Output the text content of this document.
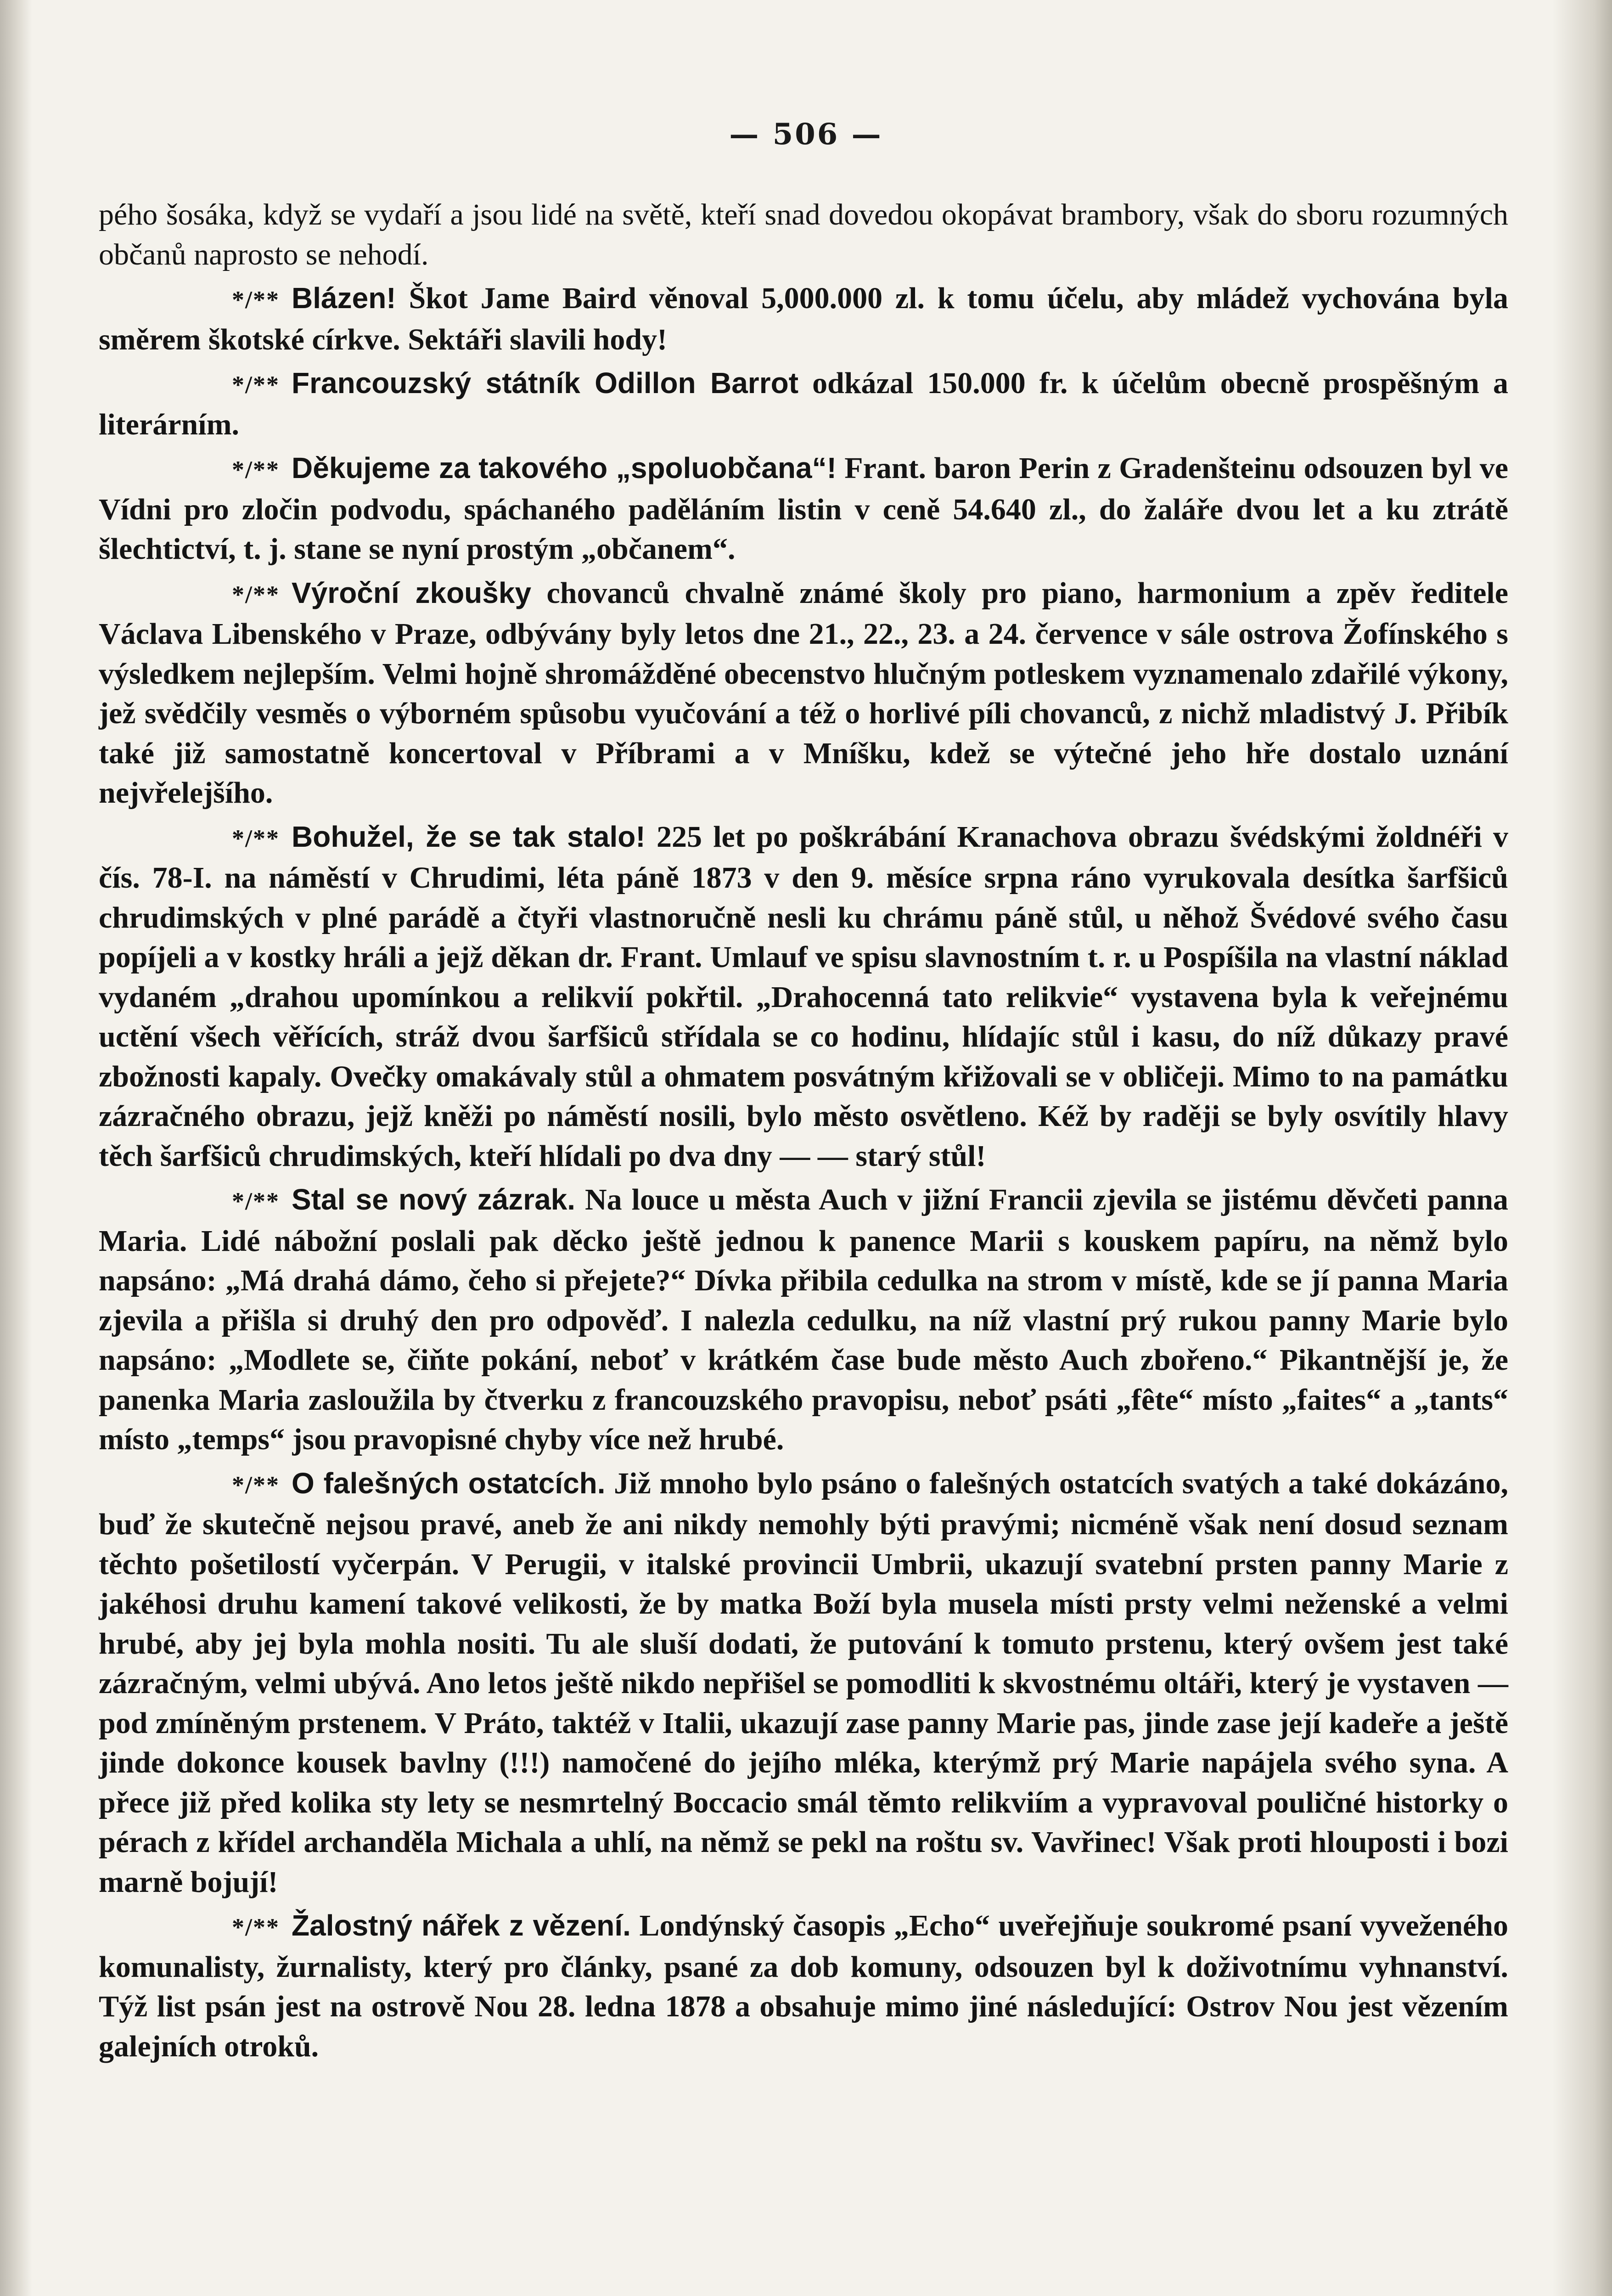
— 506 —

pého šosáka, když se vydaří a jsou lidé na světě, kteří snad dovedou okopávat brambory, však do sboru rozumných občanů naprosto se nehodí.

*/** Blázen! Škot Jame Baird věnoval 5,000.000 zl. k tomu účelu, aby mládež vychována byla směrem škotské církve. Sektáři slavili hody!

*/** Francouzský státník Odillon Barrot odkázal 150.000 fr. k účelům obecně prospěšným a literárním.

*/** Děkujeme za takového „spoluobčana“! Frant. baron Perin z Gradenšteinu odsouzen byl ve Vídni pro zločin podvodu, spáchaného paděláním listin v ceně 54.640 zl., do žaláře dvou let a ku ztrátě šlechtictví, t. j. stane se nyní prostým „občanem“.

*/** Výroční zkoušky chovanců chvalně známé školy pro piano, harmonium a zpěv ředitele Václava Libenského v Praze, odbývány byly letos dne 21., 22., 23. a 24. července v sále ostrova Žofínského s výsledkem nejlepším. Velmi hojně shromážděné obecenstvo hlučným potleskem vyznamenalo zdařilé výkony, jež svědčily vesměs o výborném spůsobu vyučování a též o horlivé píli chovanců, z nichž mladistvý J. Přibík také již samostatně koncertoval v Příbrami a v Mníšku, kdež se výtečné jeho hře dostalo uznání nejvřelejšího.

*/** Bohužel, že se tak stalo! 225 let po poškrábání Kranachova obrazu švédskými žoldnéři v čís. 78-I. na náměstí v Chrudimi, léta páně 1873 v den 9. měsíce srpna ráno vyrukovala desítka šarfšiců chrudimských v plné parádě a čtyři vlastnoručně nesli ku chrámu páně stůl, u něhož Švédové svého času popíjeli a v kostky hráli a jejž děkan dr. Frant. Umlauf ve spisu slavnostním t. r. u Pospíšila na vlastní náklad vydaném „drahou upomínkou a relikvií pokřtil. „Drahocenná tato relikvie“ vystavena byla k veřejnému uctění všech věřících, stráž dvou šarfšiců střídala se co hodinu, hlídajíc stůl i kasu, do níž důkazy pravé zbožnosti kapaly. Ovečky omakávaly stůl a ohmatem posvátným křižovali se v obličeji. Mimo to na památku zázračného obrazu, jejž kněži po náměstí nosili, bylo město osvětleno. Kéž by raději se byly osvítily hlavy těch šarfšiců chrudimských, kteří hlídali po dva dny — — starý stůl!

*/** Stal se nový zázrak. Na louce u města Auch v jižní Francii zjevila se jistému děvčeti panna Maria. Lidé nábožní poslali pak děcko ještě jednou k panence Marii s kouskem papíru, na němž bylo napsáno: „Má drahá dámo, čeho si přejete?“ Dívka přibila cedulka na strom v místě, kde se jí panna Maria zjevila a přišla si druhý den pro odpověď. I nalezla cedulku, na níž vlastní prý rukou panny Marie bylo napsáno: „Modlete se, čiňte pokání, neboť v krátkém čase bude město Auch zbořeno.“ Pikantnější je, že panenka Maria zasloužila by čtverku z francouzského pravopisu, neboť psáti „fête“ místo „faites“ a „tants“ místo „temps“ jsou pravopisné chyby více než hrubé.

*/** O falešných ostatcích. Již mnoho bylo psáno o falešných ostatcích svatých a také dokázáno, buď že skutečně nejsou pravé, aneb že ani nikdy nemohly býti pravými; nicméně však není dosud seznam těchto pošetilostí vyčerpán. V Perugii, v italské provincii Umbrii, ukazují svatební prsten panny Marie z jakéhosi druhu kamení takové velikosti, že by matka Boží byla musela místi prsty velmi neženské a velmi hrubé, aby jej byla mohla nositi. Tu ale sluší dodati, že putování k tomuto prstenu, který ovšem jest také zázračným, velmi ubývá. Ano letos ještě nikdo nepřišel se pomodliti k skvostnému oltáři, který je vystaven — pod zmíněným prstenem. V Práto, taktéž v Italii, ukazují zase panny Marie pas, jinde zase její kadeře a ještě jinde dokonce kousek bavlny (!!!) namočené do jejího mléka, kterýmž prý Marie napájela svého syna. A přece již před kolika sty lety se nesmrtelný Boccacio smál těmto relikviím a vypravoval pouličné historky o pérach z křídel archanděla Michala a uhlí, na němž se pekl na roštu sv. Vavřinec! Však proti hlouposti i bozi marně bojují!

*/** Žalostný nářek z vězení. Londýnský časopis „Echo“ uveřejňuje soukromé psaní vyveženého komunalisty, žurnalisty, který pro články, psané za dob komuny, odsouzen byl k doživotnímu vyhnanství. Týž list psán jest na ostrově Nou 28. ledna 1878 a obsahuje mimo jiné následující: Ostrov Nou jest vězením galejních otroků.
